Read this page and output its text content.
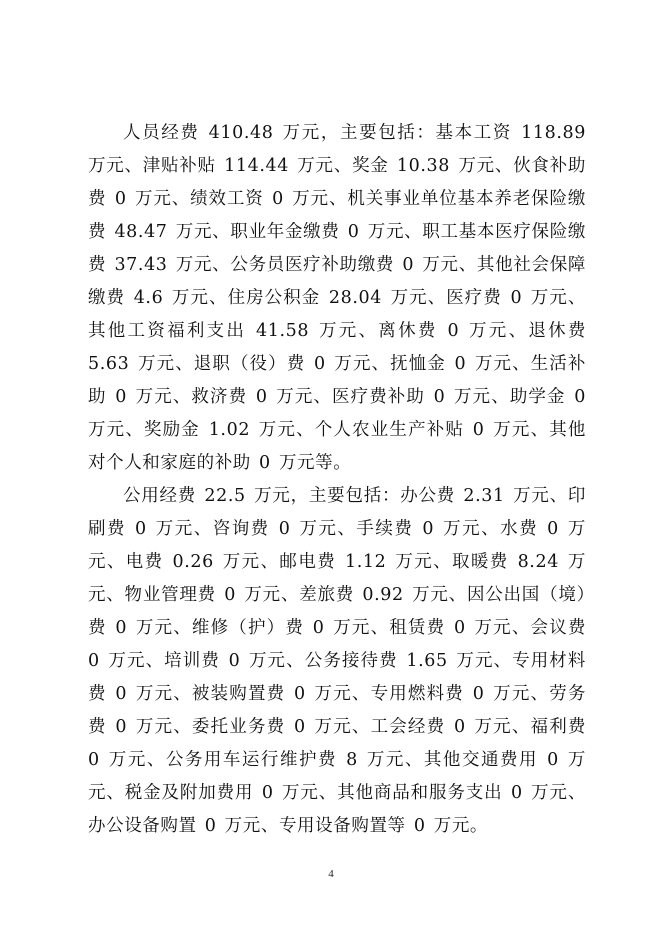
人员经费 410.48 万元，主要包括：基本工资 118.89 万元、津贴补贴 114.44 万元、奖金 10.38 万元、伙食补助费 0 万元、绩效工资 0 万元、机关事业单位基本养老保险缴费 48.47 万元、职业年金缴费 0 万元、职工基本医疗保险缴费 37.43 万元、公务员医疗补助缴费 0 万元、其他社会保障缴费 4.6 万元、住房公积金 28.04 万元、医疗费 0 万元、其他工资福利支出 41.58 万元、离休费 0 万元、退休费 5.63 万元、退职（役）费 0 万元、抚恤金 0 万元、生活补助 0 万元、救济费 0 万元、医疗费补助 0 万元、助学金 0 万元、奖励金 1.02 万元、个人农业生产补贴 0 万元、其他对个人和家庭的补助 0 万元等。

公用经费 22.5 万元，主要包括：办公费 2.31 万元、印刷费 0 万元、咨询费 0 万元、手续费 0 万元、水费 0 万元、电费 0.26 万元、邮电费 1.12 万元、取暖费 8.24 万元、物业管理费 0 万元、差旅费 0.92 万元、因公出国（境）费 0 万元、维修（护）费 0 万元、租赁费 0 万元、会议费 0 万元、培训费 0 万元、公务接待费 1.65 万元、专用材料费 0 万元、被装购置费 0 万元、专用燃料费 0 万元、劳务费 0 万元、委托业务费 0 万元、工会经费 0 万元、福利费 0 万元、公务用车运行维护费 8 万元、其他交通费用 0 万元、税金及附加费用 0 万元、其他商品和服务支出 0 万元、办公设备购置 0 万元、专用设备购置等 0 万元。

4
